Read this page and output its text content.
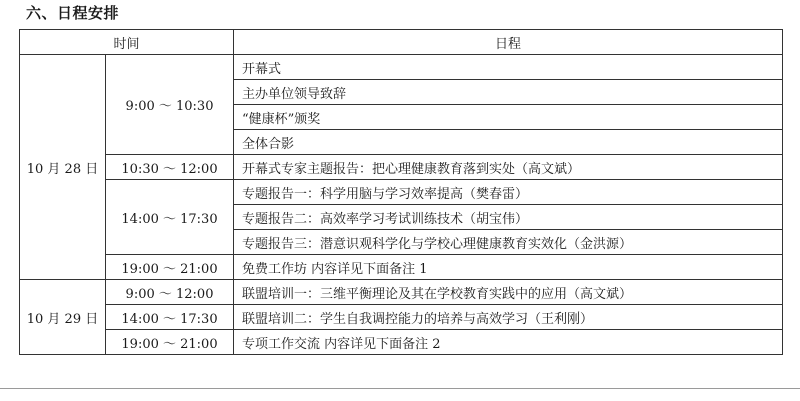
六、日程安排
时间		日程
10 月 28 日	9:00 ～ 10:30	开幕式
		主办单位领导致辞
		“健康杯”颁奖
		全体合影
	10:30 ～ 12:00	开幕式专家主题报告：把心理健康教育落到实处（高文斌）
	14:00 ～ 17:30	专题报告一：科学用脑与学习效率提高（樊春雷）
		专题报告二：高效率学习考试训练技术（胡宝伟）
		专题报告三：潜意识观科学化与学校心理健康教育实效化（金洪源）
	19:00 ～ 21:00	免费工作坊 内容详见下面备注 1
10 月 29 日	9:00 ～ 12:00	联盟培训一：三维平衡理论及其在学校教育实践中的应用（高文斌）
	14:00 ～ 17:30	联盟培训二：学生自我调控能力的培养与高效学习（王利刚）
	19:00 ～ 21:00	专项工作交流 内容详见下面备注 2
